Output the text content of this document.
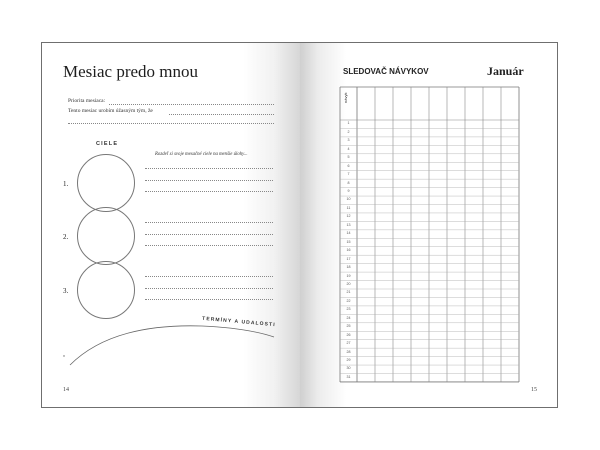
Mesiac predo mnou
Priorita mesiaca:
Tento mesiac urobím úžasným tým, že
CIELE
Rozdeľ si svoje mesačné ciele na menšie úlohy...
1.
2.
3.
TERMÍNY A UDALOSTI
14
SLEDOVAČ NÁVYKOV	Január
návyk
1
2
3
4
5
6
7
8
9
10
11
12
13
14
15
16
17
18
19
20
21
22
23
24
25
26
27
28
29
30
31
15
